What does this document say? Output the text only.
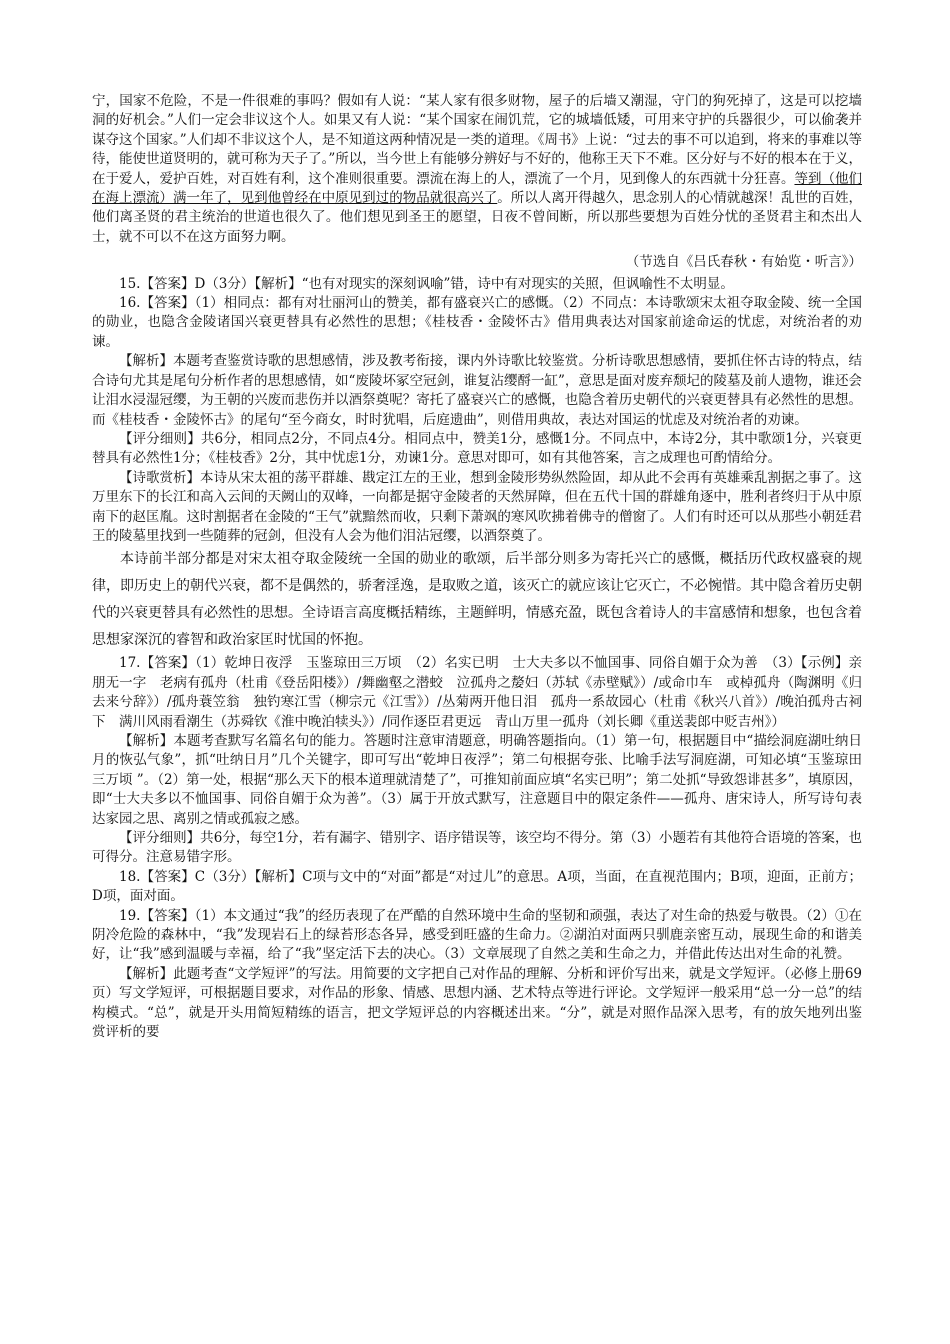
宁，国家不危险，不是一件很难的事吗？假如有人说：“某人家有很多财物，屋子的后墙又潮湿，守门的狗死掉了，这是可以挖墙洞的好机会。”人们一定会非议这个人。如果又有人说：“某个国家在闹饥荒，它的城墙低矮，可用来守护的兵器很少，可以偷袭并谋夺这个国家。”人们却不非议这个人，是不知道这两种情况是一类的道理。《周书》上说：“过去的事不可以追到，将来的事难以等待，能使世道贤明的，就可称为天子了。”所以，当今世上有能够分辨好与不好的，他称王天下不难。区分好与不好的根本在于义，在于爱人，爱护百姓，对百姓有利，这个准则很重要。漂流在海上的人，漂流了一个月，见到像人的东西就十分狂喜。等到（他们在海上漂流）满一年了，见到他曾经在中原见到过的物品就很高兴了。所以人离开得越久，思念别人的心情就越深！乱世的百姓，他们离圣贤的君主统治的世道也很久了。他们想见到圣王的愿望，日夜不曾间断，所以那些要想为百姓分忧的圣贤君主和杰出人士，就不可以不在这方面努力啊。

（节选自《吕氏春秋・有始览・听言》）

15.【答案】D（3分）【解析】“也有对现实的深刻讽喻”错，诗中有对现实的关照，但讽喻性不太明显。

16.【答案】（1）相同点：都有对壮丽河山的赞美，都有盛衰兴亡的感慨。（2）不同点：本诗歌颂宋太祖夺取金陵、统一全国的勋业，也隐含金陵诸国兴衰更替具有必然性的思想；《桂枝香・金陵怀古》借用典表达对国家前途命运的忧虑，对统治者的劝谏。

【解析】本题考查鉴赏诗歌的思想感情，涉及教考衔接，课内外诗歌比较鉴赏。分析诗歌思想感情，要抓住怀古诗的特点，结合诗句尤其是尾句分析作者的思想感情，如“废陵坏冢空冠剑，谁复沾缨酹一缸”，意思是面对废弃颓圮的陵墓及前人遗物，谁还会让泪水浸湿冠缨，为王朝的兴废而悲伤并以酒祭奠呢？寄托了盛衰兴亡的感慨，也隐含着历史朝代的兴衰更替具有必然性的思想。而《桂枝香・金陵怀古》的尾句“至今商女，时时犹唱，后庭遗曲”，则借用典故，表达对国运的忧虑及对统治者的劝谏。

【评分细则】共6分，相同点2分，不同点4分。相同点中，赞美1分，感慨1分。不同点中，本诗2分，其中歌颂1分，兴衰更替具有必然性1分；《桂枝香》2分，其中忧虑1分，劝谏1分。意思对即可，如有其他答案，言之成理也可酌情给分。

【诗歌赏析】本诗从宋太祖的荡平群雄、戡定江左的王业，想到金陵形势纵然险固，却从此不会再有英雄乘乱割据之事了。这万里东下的长江和高入云间的天阙山的双峰，一向都是据守金陵者的天然屏障，但在五代十国的群雄角逐中，胜利者终归于从中原南下的赵匡胤。这时割据者在金陵的“王气”就黯然而收，只剩下萧飒的寒风吹拂着佛寺的僧窗了。人们有时还可以从那些小朝廷君王的陵墓里找到一些随葬的冠剑，但没有人会为他们泪沾冠缨，以酒祭奠了。

本诗前半部分都是对宋太祖夺取金陵统一全国的勋业的歌颂，后半部分则多为寄托兴亡的感慨，概括历代政权盛衰的规律，即历史上的朝代兴衰，都不是偶然的，骄奢淫逸，是取败之道，该灭亡的就应该让它灭亡，不必惋惜。其中隐含着历史朝代的兴衰更替具有必然性的思想。全诗语言高度概括精练，主题鲜明，情感充盈，既包含着诗人的丰富感情和想象，也包含着思想家深沉的睿智和政治家匡时忧国的怀抱。

17.【答案】（1）乾坤日夜浮　玉鉴琼田三万顷　（2）名实已明　士大夫多以不恤国事、同俗自媚于众为善　（3）【示例】亲朋无一字　老病有孤舟（杜甫《登岳阳楼》）/舞幽壑之潜蛟　泣孤舟之嫠妇（苏轼《赤壁赋》）/或命巾车　或棹孤舟（陶渊明《归去来兮辞》）/孤舟蓑笠翁　独钓寒江雪（柳宗元《江雪》）/丛菊两开他日泪　孤舟一系故园心（杜甫《秋兴八首》）/晚泊孤舟古祠下　满川风雨看潮生（苏舜钦《淮中晚泊犊头》）/同作逐臣君更远　青山万里一孤舟（刘长卿《重送裴郎中贬吉州》）

【解析】本题考查默写名篇名句的能力。答题时注意审清题意，明确答题指向。（1）第一句，根据题目中“描绘洞庭湖吐纳日月的恢弘气象”，抓“吐纳日月”几个关键字，即可写出“乾坤日夜浮”；第二句根据夸张、比喻手法写洞庭湖，可知必填“玉鉴琼田三万顷 ”。（2）第一处，根据“那么天下的根本道理就清楚了”，可推知前面应填“名实已明”；第二处抓“导致怨诽甚多”，填原因，即“士大夫多以不恤国事、同俗自媚于众为善”。（3）属于开放式默写，注意题目中的限定条件——孤舟、唐宋诗人，所写诗句表达家园之思、离别之情或孤寂之感。

【评分细则】共6分，每空1分，若有漏字、错别字、语序错误等，该空均不得分。第（3）小题若有其他符合语境的答案，也可得分。注意易错字形。

18.【答案】C（3分）【解析】C项与文中的“对面”都是“对过儿”的意思。A项，当面，在直视范围内；B项，迎面，正前方；D项，面对面。

19.【答案】（1）本文通过“我”的经历表现了在严酷的自然环境中生命的坚韧和顽强，表达了对生命的热爱与敬畏。（2）①在阴冷危险的森林中，“我”发现岩石上的绿苔形态各异，感受到旺盛的生命力。②湖泊对面两只驯鹿亲密互动，展现生命的和谐美好，让“我”感到温暖与幸福，给了“我”坚定活下去的决心。（3）文章展现了自然之美和生命之力，并借此传达出对生命的礼赞。

【解析】此题考查“文学短评”的写法。用简要的文字把自己对作品的理解、分析和评价写出来，就是文学短评。（必修上册69页）写文学短评，可根据题目要求，对作品的形象、情感、思想内涵、艺术特点等进行评论。文学短评一般采用“总一分一总”的结构模式。“总”，就是开头用简短精练的语言，把文学短评总的内容概述出来。“分”，就是对照作品深入思考，有的放矢地列出鉴赏评析的要
